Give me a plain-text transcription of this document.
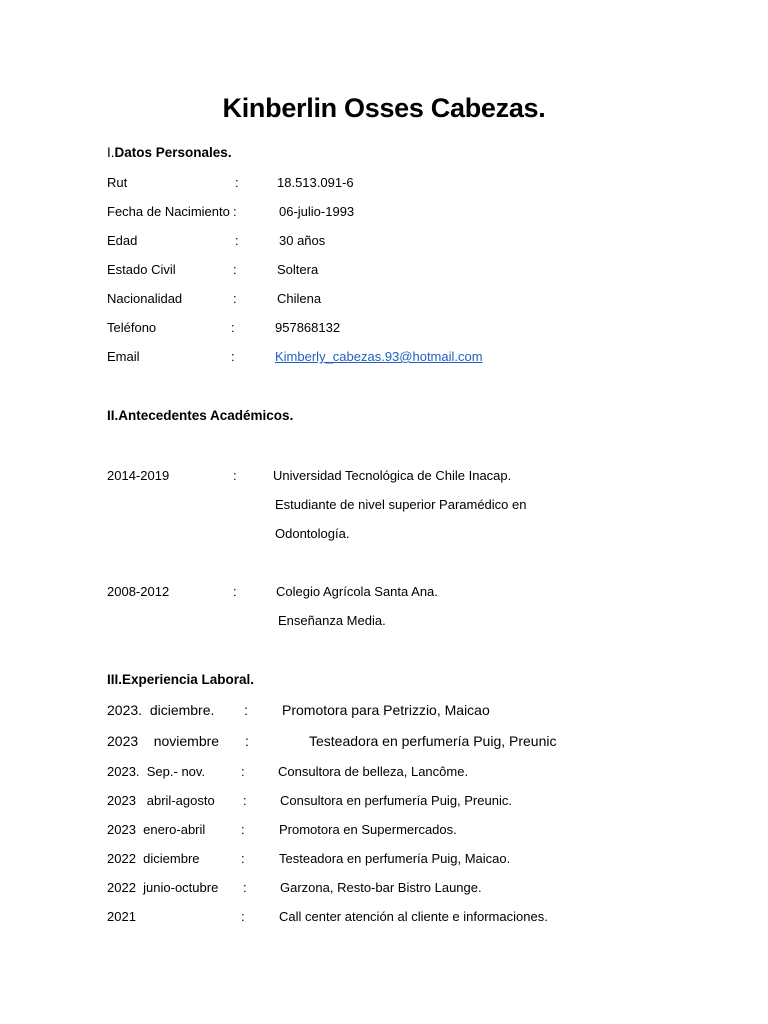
Kinberlin Osses Cabezas.
I.Datos Personales.
Rut	:	18.513.091-6
Fecha de Nacimiento :	06-julio-1993
Edad	:	30 años
Estado Civil	:	Soltera
Nacionalidad	:	Chilena
Teléfono	:	957868132
Email	:	Kimberly_cabezas.93@hotmail.com
II.Antecedentes Académicos.
2014-2019	:	Universidad Tecnológica de Chile Inacap.
Estudiante de nivel superior Paramédico en
Odontología.
2008-2012	:	Colegio Agrícola Santa Ana.
Enseñanza Media.
III.Experiencia Laboral.
2023.  diciembre. : Promotora para Petrizzio, Maicao
2023    noviembre :	Testeadora en perfumería Puig, Preunic
2023.  Sep.- nov.	:	Consultora de belleza, Lancôme.
2023   abril-agosto :	Consultora en perfumería Puig, Preunic.
2023  enero-abril	:	Promotora en Supermercados.
2022  diciembre	:	Testeadora en perfumería Puig, Maicao.
2022  junio-octubre :	Garzona, Resto-bar Bistro Launge.
2021	:	Call center atención al cliente e informaciones.
